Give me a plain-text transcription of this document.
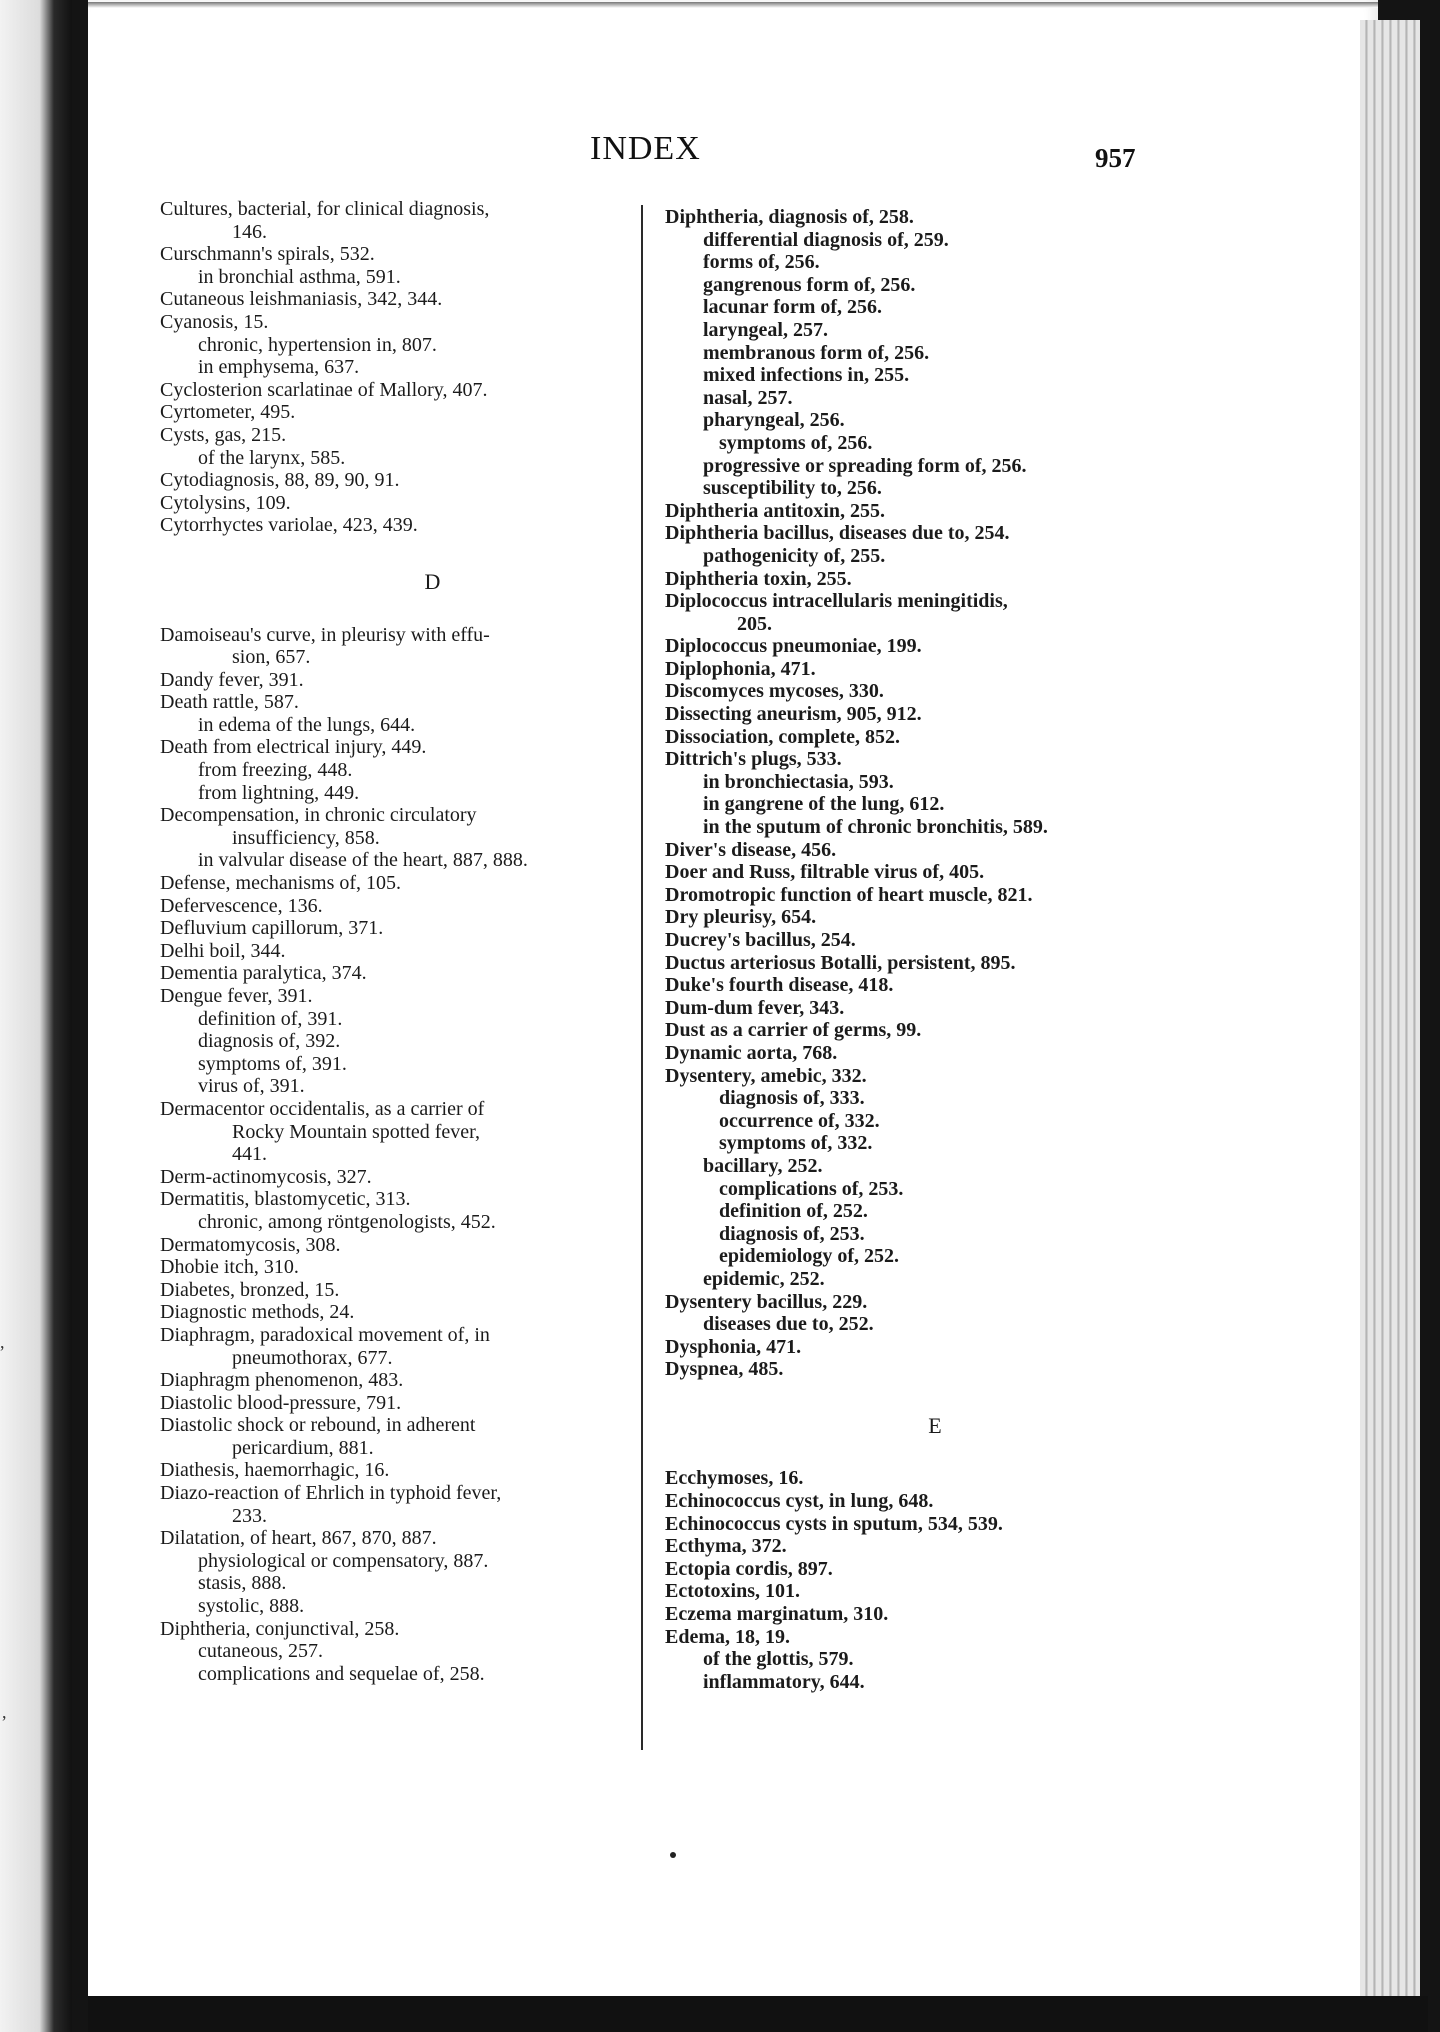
INDEX	957
Cultures, bacterial, for clinical diagnosis,
146.
Curschmann's spirals, 532.
in bronchial asthma, 591.
Cutaneous leishmaniasis, 342, 344.
Cyanosis, 15.
chronic, hypertension in, 807.
in emphysema, 637.
Cyclosterion scarlatinae of Mallory, 407.
Cyrtometer, 495.
Cysts, gas, 215.
of the larynx, 585.
Cytodiagnosis, 88, 89, 90, 91.
Cytolysins, 109.
Cytorrhyctes variolae, 423, 439.
D
Damoiseau's curve, in pleurisy with effu-
sion, 657.
Dandy fever, 391.
Death rattle, 587.
in edema of the lungs, 644.
Death from electrical injury, 449.
from freezing, 448.
from lightning, 449.
Decompensation, in chronic circulatory
insufficiency, 858.
in valvular disease of the heart, 887, 888.
Defense, mechanisms of, 105.
Defervescence, 136.
Defluvium capillorum, 371.
Delhi boil, 344.
Dementia paralytica, 374.
Dengue fever, 391.
definition of, 391.
diagnosis of, 392.
symptoms of, 391.
virus of, 391.
Dermacentor occidentalis, as a carrier of
Rocky Mountain spotted fever,
441.
Derm-actinomycosis, 327.
Dermatitis, blastomycetic, 313.
chronic, among röntgenologists, 452.
Dermatomycosis, 308.
Dhobie itch, 310.
Diabetes, bronzed, 15.
Diagnostic methods, 24.
Diaphragm, paradoxical movement of, in
pneumothorax, 677.
Diaphragm phenomenon, 483.
Diastolic blood-pressure, 791.
Diastolic shock or rebound, in adherent
pericardium, 881.
Diathesis, haemorrhagic, 16.
Diazo-reaction of Ehrlich in typhoid fever,
233.
Dilatation, of heart, 867, 870, 887.
physiological or compensatory, 887.
stasis, 888.
systolic, 888.
Diphtheria, conjunctival, 258.
cutaneous, 257.
complications and sequelae of, 258.
Diphtheria, diagnosis of, 258.
differential diagnosis of, 259.
forms of, 256.
gangrenous form of, 256.
lacunar form of, 256.
laryngeal, 257.
membranous form of, 256.
mixed infections in, 255.
nasal, 257.
pharyngeal, 256.
symptoms of, 256.
progressive or spreading form of, 256.
susceptibility to, 256.
Diphtheria antitoxin, 255.
Diphtheria bacillus, diseases due to, 254.
pathogenicity of, 255.
Diphtheria toxin, 255.
Diplococcus intracellularis meningitidis,
205.
Diplococcus pneumoniae, 199.
Diplophonia, 471.
Discomyces mycoses, 330.
Dissecting aneurism, 905, 912.
Dissociation, complete, 852.
Dittrich's plugs, 533.
in bronchiectasia, 593.
in gangrene of the lung, 612.
in the sputum of chronic bronchitis, 589.
Diver's disease, 456.
Doer and Russ, filtrable virus of, 405.
Dromotropic function of heart muscle, 821.
Dry pleurisy, 654.
Ducrey's bacillus, 254.
Ductus arteriosus Botalli, persistent, 895.
Duke's fourth disease, 418.
Dum-dum fever, 343.
Dust as a carrier of germs, 99.
Dynamic aorta, 768.
Dysentery, amebic, 332.
diagnosis of, 333.
occurrence of, 332.
symptoms of, 332.
bacillary, 252.
complications of, 253.
definition of, 252.
diagnosis of, 253.
epidemiology of, 252.
epidemic, 252.
Dysentery bacillus, 229.
diseases due to, 252.
Dysphonia, 471.
Dyspnea, 485.
E
Ecchymoses, 16.
Echinococcus cyst, in lung, 648.
Echinococcus cysts in sputum, 534, 539.
Ecthyma, 372.
Ectopia cordis, 897.
Ectotoxins, 101.
Eczema marginatum, 310.
Edema, 18, 19.
of the glottis, 579.
inflammatory, 644.
,
,
